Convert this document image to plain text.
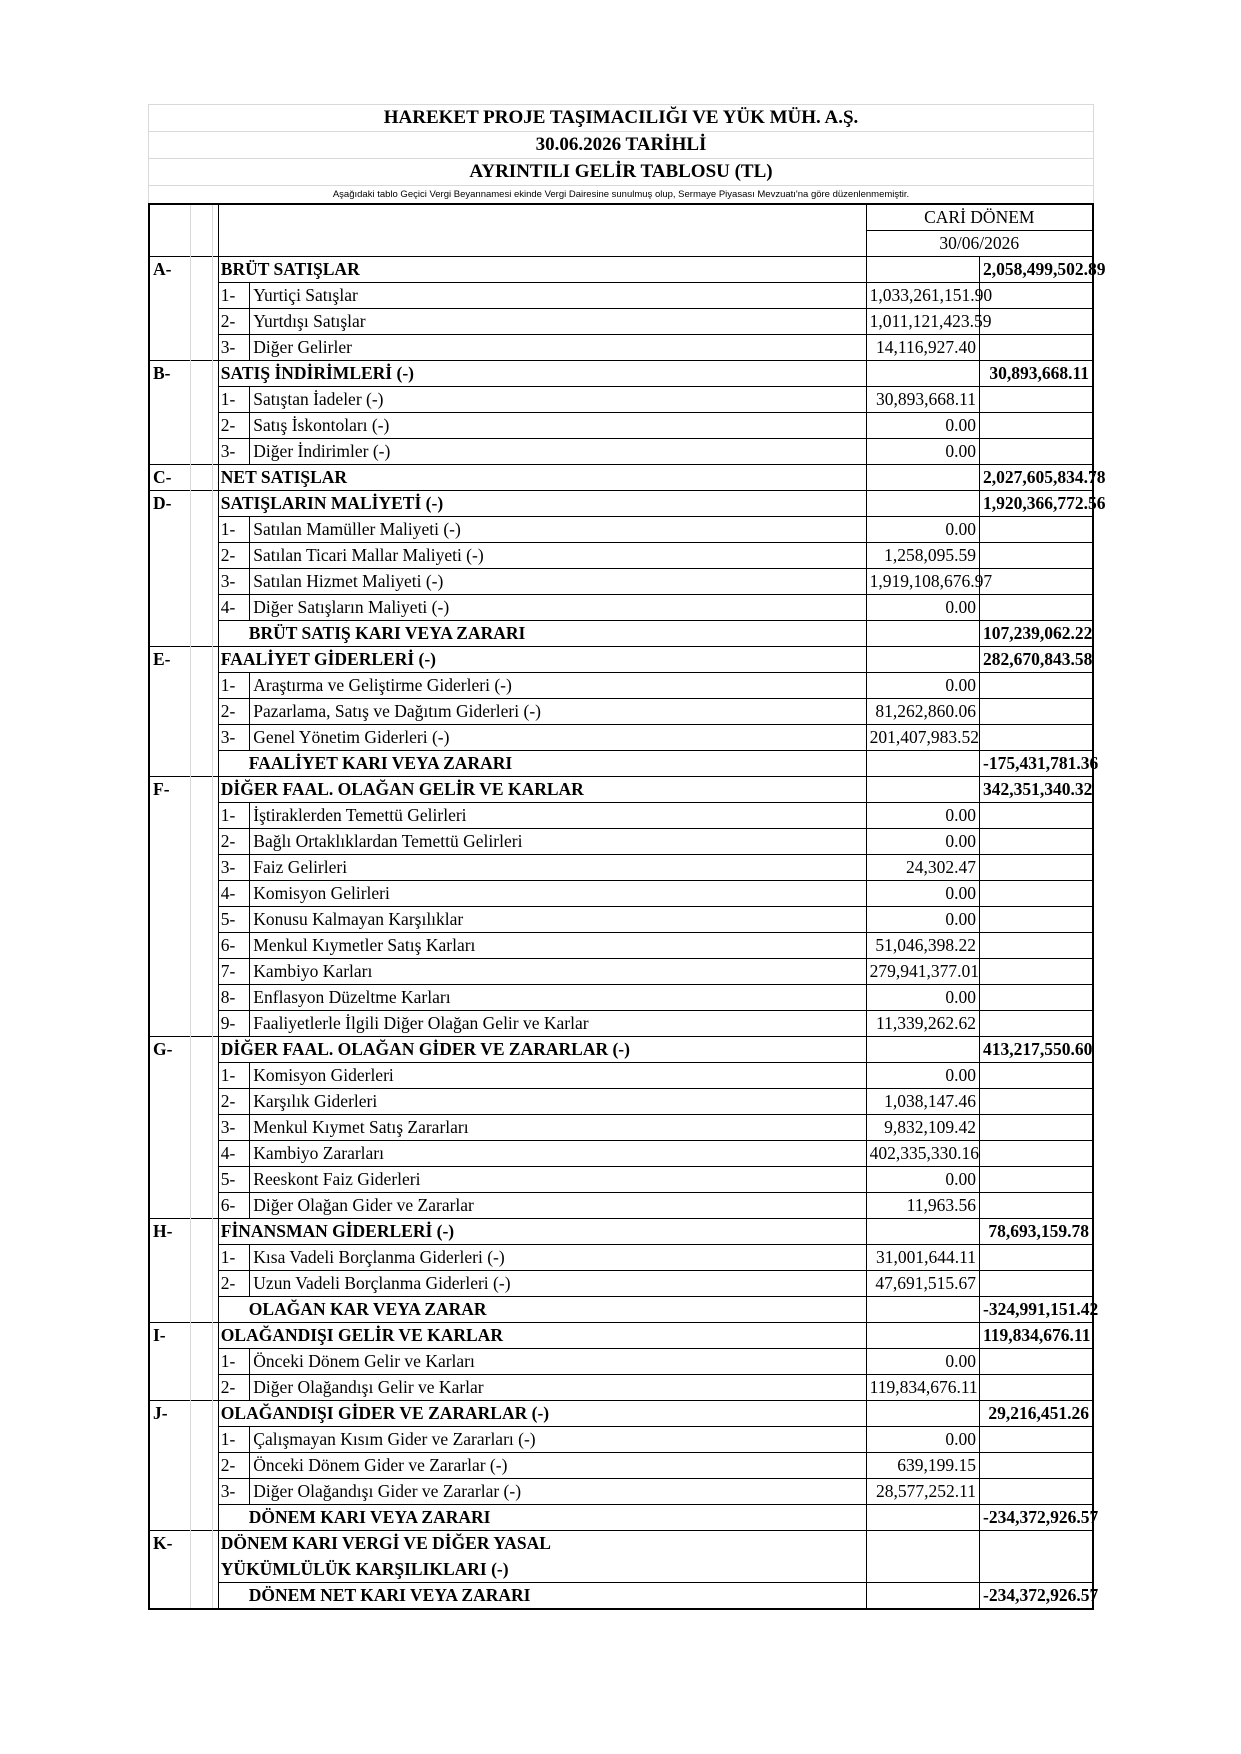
HAREKET PROJE TAŞIMACILIĞI VE YÜK MÜH. A.Ş.
30.06.2026 TARİHLİ
AYRINTILI GELİR TABLOSU (TL)
Aşağıdaki tablo Geçici Vergi Beyannamesi ekinde Vergi Dairesine sunulmuş olup, Sermaye Piyasası Mevzuatı'na göre düzenlenmemiştir.
					CARİ DÖNEM	
					30/06/2026	
A-			BRÜT SATIŞLAR			2,058,499,502.89
			1-	Yurtiçi Satışlar	1,033,261,151.90	
			2-	Yurtdışı Satışlar	1,011,121,423.59	
			3-	Diğer Gelirler	14,116,927.40	
B-			SATIŞ İNDİRİMLERİ (-)			30,893,668.11
			1-	Satıştan İadeler (-)	30,893,668.11	
			2-	Satış İskontoları (-)	0.00	
			3-	Diğer İndirimler (-)	0.00	
C-			NET SATIŞLAR			2,027,605,834.78
D-			SATIŞLARIN MALİYETİ (-)			1,920,366,772.56
			1-	Satılan Mamüller Maliyeti (-)	0.00	
			2-	Satılan Ticari Mallar Maliyeti (-)	1,258,095.59	
			3-	Satılan Hizmet Maliyeti (-)	1,919,108,676.97	
			4-	Diğer Satışların Maliyeti (-)	0.00	
			BRÜT SATIŞ KARI VEYA ZARARI			107,239,062.22
E-			FAALİYET GİDERLERİ (-)			282,670,843.58
			1-	Araştırma ve Geliştirme Giderleri (-)	0.00	
			2-	Pazarlama, Satış ve Dağıtım Giderleri (-)	81,262,860.06	
			3-	Genel Yönetim Giderleri (-)	201,407,983.52	
			FAALİYET KARI VEYA ZARARI			-175,431,781.36
F-			DİĞER FAAL. OLAĞAN GELİR VE KARLAR			342,351,340.32
			1-	İştiraklerden Temettü Gelirleri	0.00	
			2-	Bağlı Ortaklıklardan Temettü Gelirleri	0.00	
			3-	Faiz Gelirleri	24,302.47	
			4-	Komisyon Gelirleri	0.00	
			5-	Konusu Kalmayan Karşılıklar	0.00	
			6-	Menkul Kıymetler Satış Karları	51,046,398.22	
			7-	Kambiyo Karları	279,941,377.01	
			8-	Enflasyon Düzeltme Karları	0.00	
			9-	Faaliyetlerle İlgili Diğer Olağan Gelir ve Karlar	11,339,262.62	
G-			DİĞER FAAL. OLAĞAN GİDER VE ZARARLAR (-)			413,217,550.60
			1-	Komisyon Giderleri	0.00	
			2-	Karşılık Giderleri	1,038,147.46	
			3-	Menkul Kıymet Satış Zararları	9,832,109.42	
			4-	Kambiyo Zararları	402,335,330.16	
			5-	Reeskont Faiz Giderleri	0.00	
			6-	Diğer Olağan Gider ve Zararlar	11,963.56	
H-			FİNANSMAN GİDERLERİ (-)			78,693,159.78
			1-	Kısa Vadeli Borçlanma Giderleri (-)	31,001,644.11	
			2-	Uzun Vadeli Borçlanma Giderleri (-)	47,691,515.67	
			OLAĞAN KAR VEYA ZARAR			-324,991,151.42
I-			OLAĞANDIŞI GELİR VE KARLAR			119,834,676.11
			1-	Önceki Dönem Gelir ve Karları	0.00	
			2-	Diğer Olağandışı Gelir ve Karlar	119,834,676.11	
J-			OLAĞANDIŞI GİDER VE ZARARLAR (-)			29,216,451.26
			1-	Çalışmayan Kısım Gider ve Zararları (-)	0.00	
			2-	Önceki Dönem Gider ve Zararlar (-)	639,199.15	
			3-	Diğer Olağandışı Gider ve Zararlar (-)	28,577,252.11	
			DÖNEM KARI VEYA ZARARI			-234,372,926.57
K-			DÖNEM KARI VERGİ VE DİĞER YASAL			
			YÜKÜMLÜLÜK KARŞILIKLARI (-)			
			DÖNEM NET KARI VEYA ZARARI			-234,372,926.57
